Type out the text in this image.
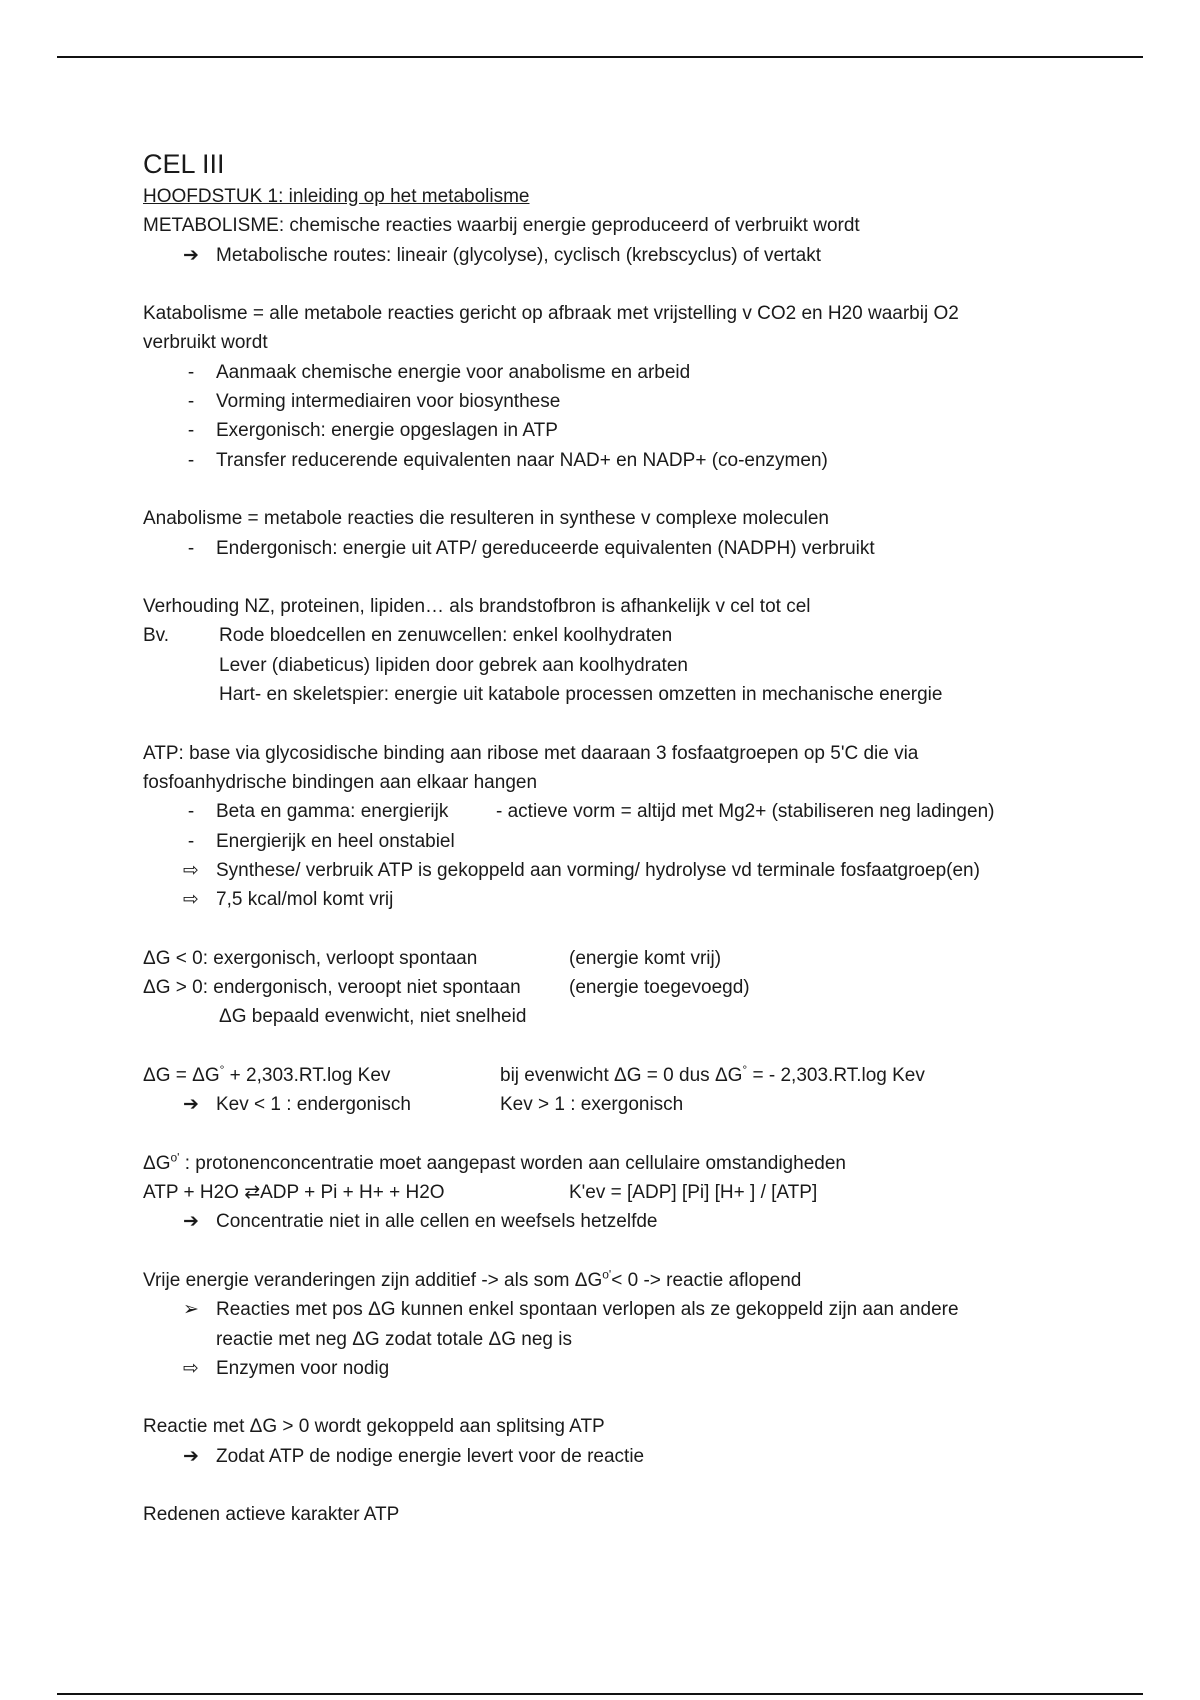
CEL III
HOOFDSTUK 1: inleiding op het metabolisme
METABOLISME: chemische reacties waarbij energie geproduceerd of verbruikt wordt
➔ Metabolische routes: lineair (glycolyse), cyclisch (krebscyclus) of vertakt
Katabolisme = alle metabole reacties gericht op afbraak met vrijstelling v CO2 en H20 waarbij O2
verbruikt wordt
-	Aanmaak chemische energie voor anabolisme en arbeid
-	Vorming intermediairen voor biosynthese
-	Exergonisch: energie opgeslagen in ATP
-	Transfer reducerende equivalenten naar NAD+ en NADP+ (co-enzymen)
Anabolisme = metabole reacties die resulteren in synthese v complexe moleculen
-	Endergonisch: energie uit ATP/ gereduceerde equivalenten (NADPH) verbruikt
Verhouding NZ, proteinen, lipiden… als brandstofbron is afhankelijk v cel tot cel
Bv.	Rode bloedcellen en zenuwcellen: enkel koolhydraten
Lever (diabeticus) lipiden door gebrek aan koolhydraten
Hart- en skeletspier: energie uit katabole processen omzetten in mechanische energie
ATP: base via glycosidische binding aan ribose met daaraan 3 fosfaatgroepen op 5'C die via
fosfoanhydrische bindingen aan elkaar hangen
-	Beta en gamma: energierijk	- actieve vorm = altijd met Mg2+ (stabiliseren neg ladingen)
-	Energierijk en heel onstabiel
⇨ Synthese/ verbruik ATP is gekoppeld aan vorming/ hydrolyse vd terminale fosfaatgroep(en)
⇨ 7,5 kcal/mol komt vrij
ΔG < 0: exergonisch, verloopt spontaan	(energie komt vrij)
ΔG > 0: endergonisch, veroopt niet spontaan	(energie toegevoegd)
ΔG bepaald evenwicht, niet snelheid
ΔG = ΔG° + 2,303.RT.log Kev	bij evenwicht ΔG = 0 dus ΔG° = - 2,303.RT.log Kev
➔ Kev < 1 : endergonisch	Kev > 1 : exergonisch
$\Delta G^{o'}$ : protonenconcentratie moet aangepast worden aan cellulaire omstandigheden
ATP + H2O ⇄ADP + Pi + H+ + H2O	K'ev = [ADP] [Pi] [H+ ] / [ATP]
➔ Concentratie niet in alle cellen en weefsels hetzelfde
Vrije energie veranderingen zijn additief -> als som $\Delta G^{o'}< 0$ -> reactie aflopend
➢ Reacties met pos ΔG kunnen enkel spontaan verlopen als ze gekoppeld zijn aan andere
reactie met neg ΔG zodat totale ΔG neg is
⇨ Enzymen voor nodig
Reactie met ΔG > 0 wordt gekoppeld aan splitsing ATP
➔ Zodat ATP de nodige energie levert voor de reactie
Redenen actieve karakter ATP
